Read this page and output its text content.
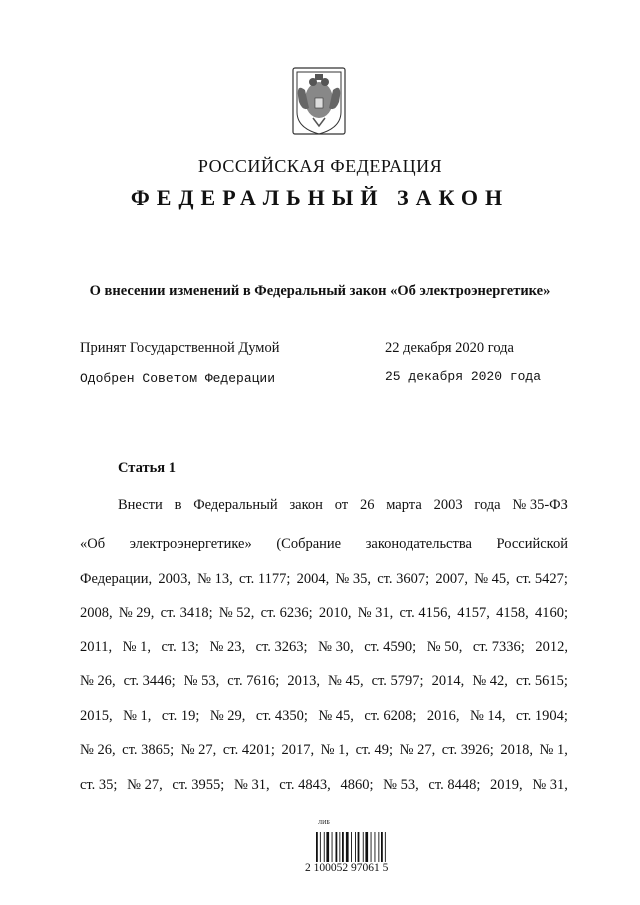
РОССИЙСКАЯ ФЕДЕРАЦИЯ
ФЕДЕРАЛЬНЫЙ ЗАКОН
О внесении изменений в Федеральный закон «Об электроэнергетике»
Принят Государственной Думой	22 декабря 2020 года
Одобрен Советом Федерации	25 декабря 2020 года
Статья 1
Внести в Федеральный закон от 26 марта 2003 года № 35-ФЗ
«Об электроэнергетике» (Собрание законодательства Российской
Федерации, 2003, № 13, ст. 1177; 2004, № 35, ст. 3607; 2007, № 45, ст. 5427;
2008, № 29, ст. 3418; № 52, ст. 6236; 2010, № 31, ст. 4156, 4157, 4158, 4160;
2011, № 1, ст. 13; № 23, ст. 3263; № 30, ст. 4590; № 50, ст. 7336; 2012,
№ 26, ст. 3446; № 53, ст. 7616; 2013, № 45, ст. 5797; 2014, № 42, ст. 5615;
2015, № 1, ст. 19; № 29, ст. 4350; № 45, ст. 6208; 2016, № 14, ст. 1904;
№ 26, ст. 3865; № 27, ст. 4201; 2017, № 1, ст. 49; № 27, ст. 3926; 2018, № 1,
ст. 35; № 27, ст. 3955; № 31, ст. 4843, 4860; № 53, ст. 8448; 2019, № 31,
ЛИБ
2 100052 97061 5
